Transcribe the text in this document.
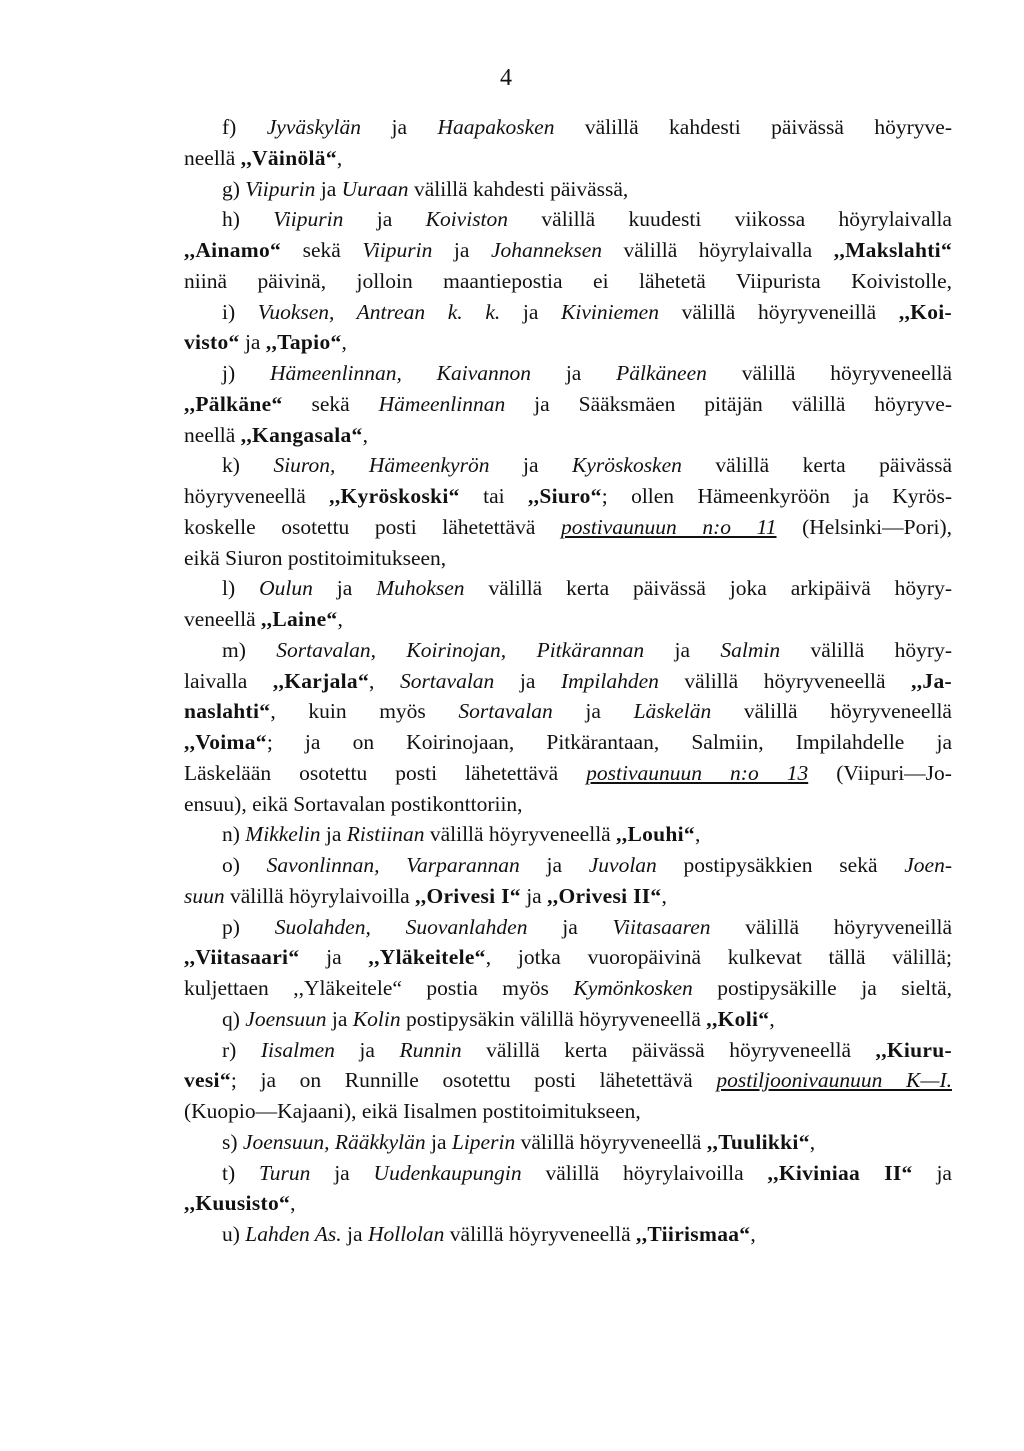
4
f) Jyväskylän ja Haapakosken välillä kahdesti päivässä höyryve-
neellä ,,Väinölä“,
g) Viipurin ja Uuraan välillä kahdesti päivässä,
h) Viipurin ja Koiviston välillä kuudesti viikossa höyrylaivalla
,,Ainamo“ sekä Viipurin ja Johanneksen välillä höyrylaivalla ,,Makslahti“
niinä päivinä, jolloin maantiepostia ei lähetetä Viipurista Koivistolle,
i) Vuoksen, Antrean k. k. ja Kiviniemen välillä höyryveneillä ,,Koi-
visto“ ja ,,Tapio“,
j) Hämeenlinnan, Kaivannon ja Pälkäneen välillä höyryveneellä
,,Pälkäne“ sekä Hämeenlinnan ja Sääksmäen pitäjän välillä höyryve-
neellä ,,Kangasala“,
k) Siuron, Hämeenkyrön ja Kyröskosken välillä kerta päivässä
höyryveneellä ,,Kyröskoski“ tai ,,Siuro“; ollen Hämeenkyröön ja Kyrös-
koskelle osotettu posti lähetettävä postivaunuun n:o 11 (Helsinki—Pori),
eikä Siuron postitoimitukseen,
l) Oulun ja Muhoksen välillä kerta päivässä joka arkipäivä höyry-
veneellä ,,Laine“,
m) Sortavalan, Koirinojan, Pitkärannan ja Salmin välillä höyry-
laivalla ,,Karjala“, Sortavalan ja Impilahden välillä höyryveneellä ,,Ja-
naslahti“, kuin myös Sortavalan ja Läskelän välillä höyryveneellä
,,Voima“; ja on Koirinojaan, Pitkärantaan, Salmiin, Impilahdelle ja
Läskelään osotettu posti lähetettävä postivaunuun n:o 13 (Viipuri—Jo-
ensuu), eikä Sortavalan postikonttoriin,
n) Mikkelin ja Ristiinan välillä höyryveneellä ,,Louhi“,
o) Savonlinnan, Varparannan ja Juvolan postipysäkkien sekä Joen-
suun välillä höyrylaivoilla ,,Orivesi I“ ja ,,Orivesi II“,
p) Suolahden, Suovanlahden ja Viitasaaren välillä höyryveneillä
,,Viitasaari“ ja ,,Yläkeitele“, jotka vuoropäivinä kulkevat tällä välillä;
kuljettaen ,,Yläkeitele“ postia myös Kymönkosken postipysäkille ja sieltä,
q) Joensuun ja Kolin postipysäkin välillä höyryveneellä ,,Koli“,
r) Iisalmen ja Runnin välillä kerta päivässä höyryveneellä ,,Kiuru-
vesi“; ja on Runnille osotettu posti lähetettävä postiljoonivaunuun K—I.
(Kuopio—Kajaani), eikä Iisalmen postitoimitukseen,
s) Joensuun, Rääkkylän ja Liperin välillä höyryveneellä ,,Tuulikki“,
t) Turun ja Uudenkaupungin välillä höyrylaivoilla ,,Kiviniaa II“ ja
,,Kuusisto“,
u) Lahden As. ja Hollolan välillä höyryveneellä ,,Tiirismaa“,
